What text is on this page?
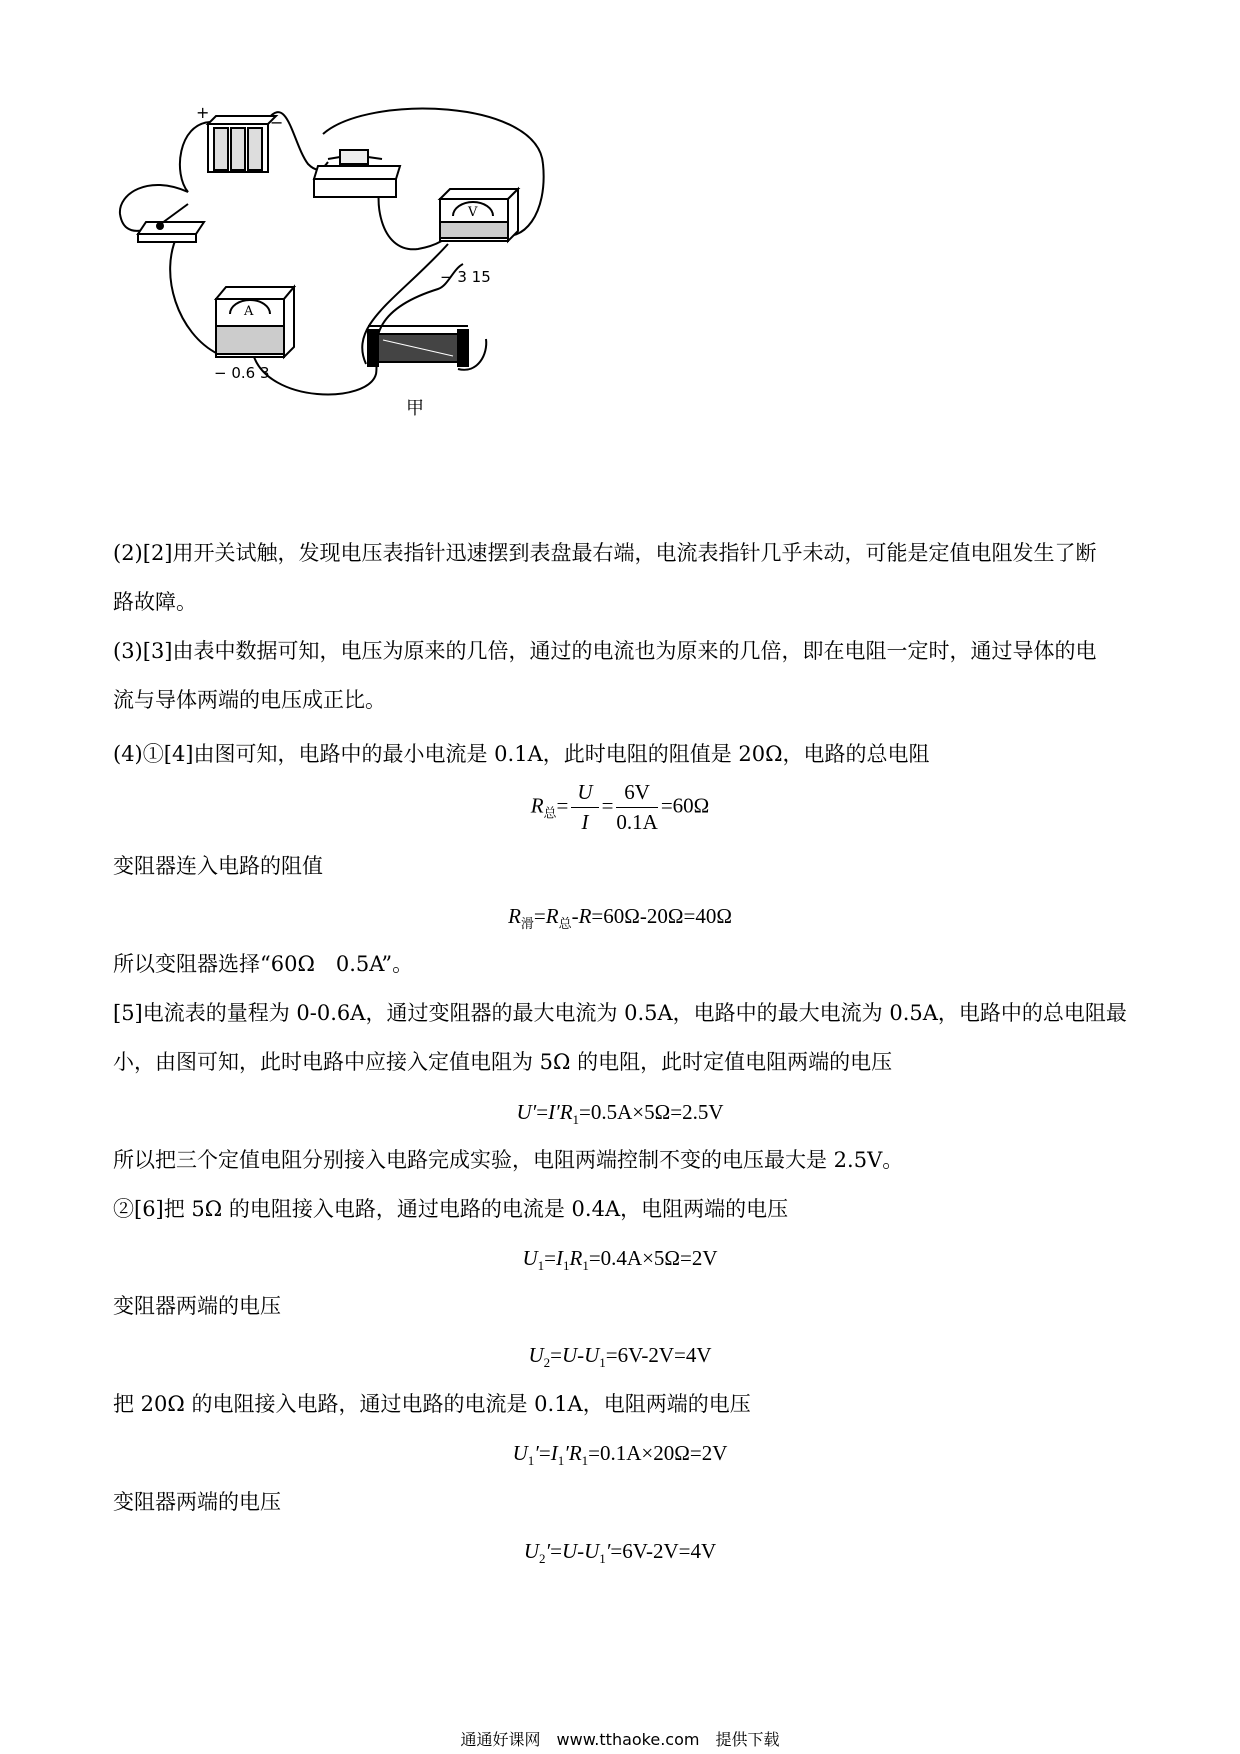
+
−
V
− 3 15
A
− 0.6 3
甲
(2)[2]用开关试触，发现电压表指针迅速摆到表盘最右端，电流表指针几乎未动，可能是定值电阻发生了断
路故障。
(3)[3]由表中数据可知，电压为原来的几倍，通过的电流也为原来的几倍，即在电阻一定时，通过导体的电
流与导体两端的电压成正比。
(4)①[4]由图可知，电路中的最小电流是 0.1A，此时电阻的阻值是 20Ω，电路的总电阻
$R_总= \frac{U}{I} = \frac{6V}{0.1A} =60\Omega$
变阻器连入电路的阻值
$R_滑=R_总-R=60\Omega-20\Omega=40\Omega$
所以变阻器选择“60Ω　0.5A”。
[5]电流表的量程为 0-0.6A，通过变阻器的最大电流为 0.5A，电路中的最大电流为 0.5A，电路中的总电阻最
小，由图可知，此时电路中应接入定值电阻为 5Ω 的电阻，此时定值电阻两端的电压
$U'=I'R_1=0.5A\times 5\Omega=2.5V$
所以把三个定值电阻分别接入电路完成实验，电阻两端控制不变的电压最大是 2.5V。
②[6]把 5Ω 的电阻接入电路，通过电路的电流是 0.4A，电阻两端的电压
$U_1=I_1R_1=0.4A\times 5\Omega=2V$
变阻器两端的电压
$U_2=U-U_1=6V-2V=4V$
把 20Ω 的电阻接入电路，通过电路的电流是 0.1A，电阻两端的电压
$U_1'=I_1'R_1=0.1A\times 20\Omega=2V$
变阻器两端的电压
$U_2'=U-U_1'=6V-2V=4V$
通通好课网　www.tthaoke.com　提供下载
